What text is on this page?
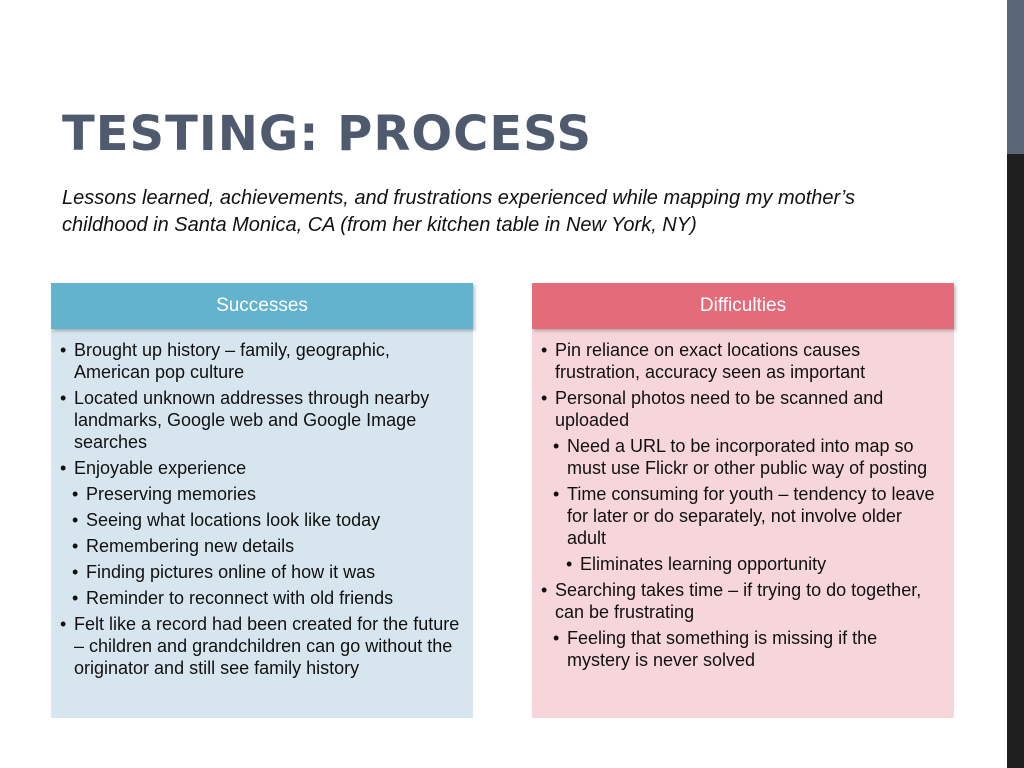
TESTING: PROCESS

Lessons learned, achievements, and frustrations experienced while mapping my mother’s childhood in Santa Monica, CA (from her kitchen table in New York, NY)

Successes
• Brought up history – family, geographic, American pop culture
• Located unknown addresses through nearby landmarks, Google web and Google Image searches
• Enjoyable experience
• Preserving memories
• Seeing what locations look like today
• Remembering new details
• Finding pictures online of how it was
• Reminder to reconnect with old friends
• Felt like a record had been created for the future – children and grandchildren can go without the originator and still see family history
Difficulties
• Pin reliance on exact locations causes frustration, accuracy seen as important
• Personal photos need to be scanned and uploaded
• Need a URL to be incorporated into map so must use Flickr or other public way of posting
• Time consuming for youth – tendency to leave for later or do separately, not involve older adult
• Eliminates learning opportunity
• Searching takes time – if trying to do together, can be frustrating
• Feeling that something is missing if the mystery is never solved
